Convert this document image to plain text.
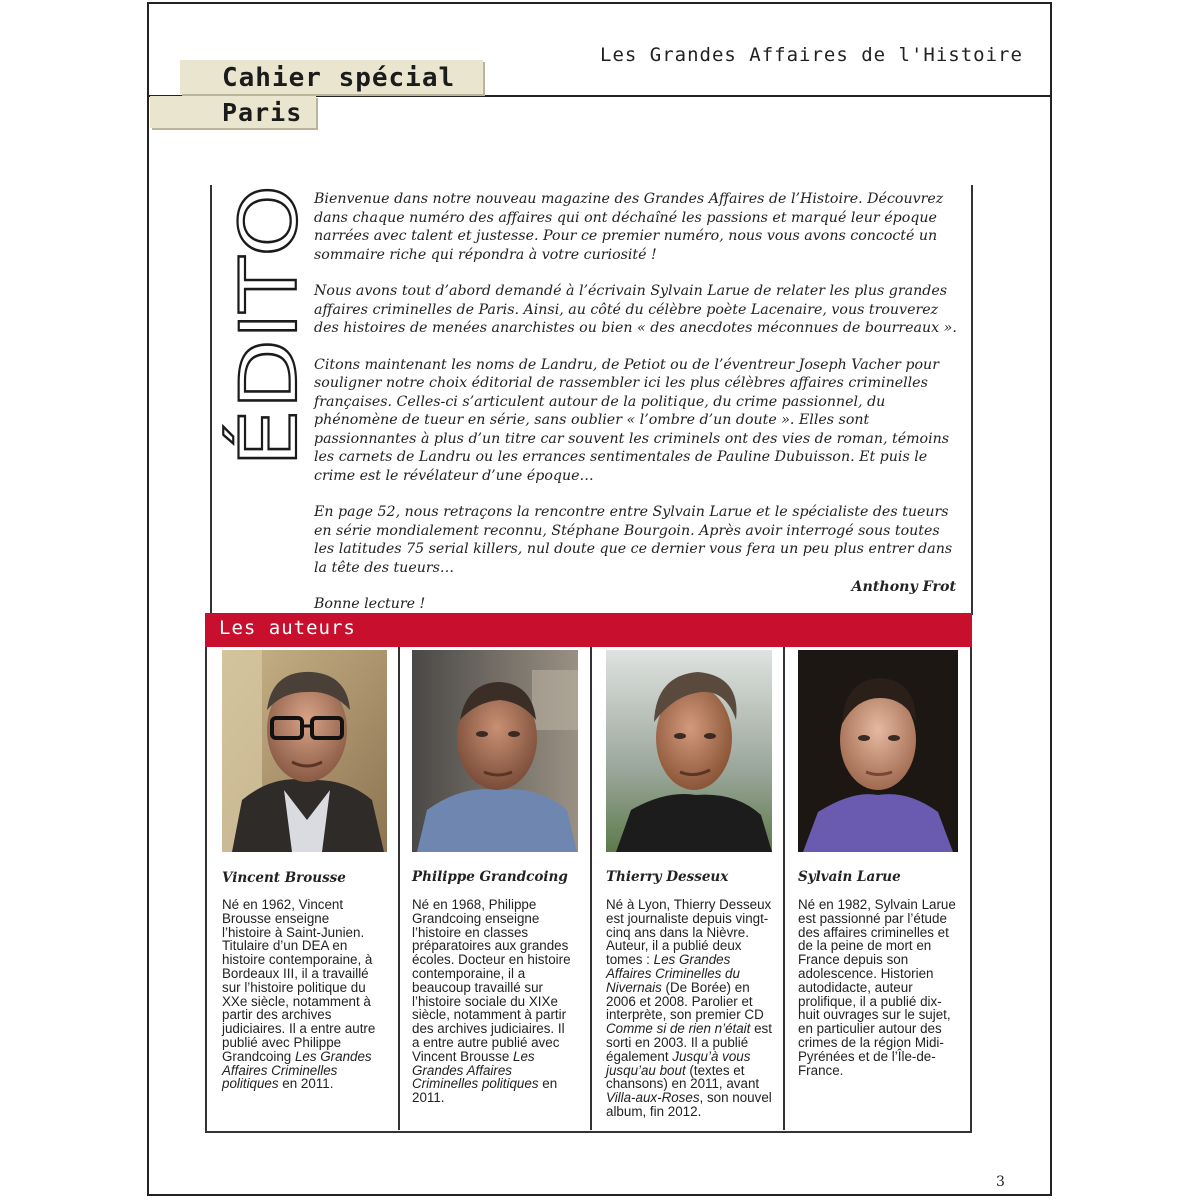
Les Grandes Affaires de l'Histoire
Cahier spécial
Paris
ÉDITO

Bienvenue dans notre nouveau magazine des Grandes Affaires de l’Histoire. Découvrez dans chaque numéro des affaires qui ont déchaîné les passions et marqué leur époque narrées avec talent et justesse. Pour ce premier numéro, nous vous avons concocté un sommaire riche qui répondra à votre curiosité !

Nous avons tout d’abord demandé à l’écrivain Sylvain Larue de relater les plus grandes affaires criminelles de Paris. Ainsi, au côté du célèbre poète Lacenaire, vous trouverez des histoires de menées anarchistes ou bien « des anecdotes méconnues de bourreaux ».

Citons maintenant les noms de Landru, de Petiot ou de l’éventreur Joseph Vacher pour souligner notre choix éditorial de rassembler ici les plus célèbres affaires criminelles françaises. Celles-ci s’articulent autour de la politique, du crime passionnel, du phénomène de tueur en série, sans oublier « l’ombre d’un doute ». Elles sont passionnantes à plus d’un titre car souvent les criminels ont des vies de roman, témoins les carnets de Landru ou les errances sentimentales de Pauline Dubuisson. Et puis le crime est le révélateur d’une époque…

En page 52, nous retraçons la rencontre entre Sylvain Larue et le spécialiste des tueurs en série mondialement reconnu, Stéphane Bourgoin. Après avoir interrogé sous toutes les latitudes 75 serial killers, nul doute que ce dernier vous fera un peu plus entrer dans la tête des tueurs…

Bonne lecture !

Anthony Frot
Les auteurs
Vincent Brousse	Philippe Grandcoing	Thierry Desseux	Sylvain Larue
Né en 1962, Vincent Brousse enseigne l’histoire à Saint-Junien. Titulaire d’un DEA en histoire contemporaine, à Bordeaux III, il a travaillé sur l’histoire politique du XXe siècle, notamment à partir des archives judiciaires. Il a entre autre publié avec Philippe Grandcoing Les Grandes Affaires Criminelles politiques en 2011.
Né en 1968, Philippe Grandcoing enseigne l’histoire en classes préparatoires aux grandes écoles. Docteur en histoire contemporaine, il a beaucoup travaillé sur l’histoire sociale du XIXe siècle, notamment à partir des archives judiciaires. Il a entre autre publié avec Vincent Brousse Les Grandes Affaires Criminelles politiques en 2011.
Né à Lyon, Thierry Desseux est journaliste depuis vingt-cinq ans dans la Nièvre. Auteur, il a publié deux tomes : Les Grandes Affaires Criminelles du Nivernais (De Borée) en 2006 et 2008. Parolier et interprète, son premier CD Comme si de rien n’était est sorti en 2003. Il a publié également Jusqu’à vous jusqu’au bout (textes et chansons) en 2011, avant Villa-aux-Roses, son nouvel album, fin 2012.
Né en 1982, Sylvain Larue est passionné par l’étude des affaires criminelles et de la peine de mort en France depuis son adolescence. Historien autodidacte, auteur prolifique, il a publié dix-huit ouvrages sur le sujet, en particulier autour des crimes de la région Midi-Pyrénées et de l’Île-de-France.
3
